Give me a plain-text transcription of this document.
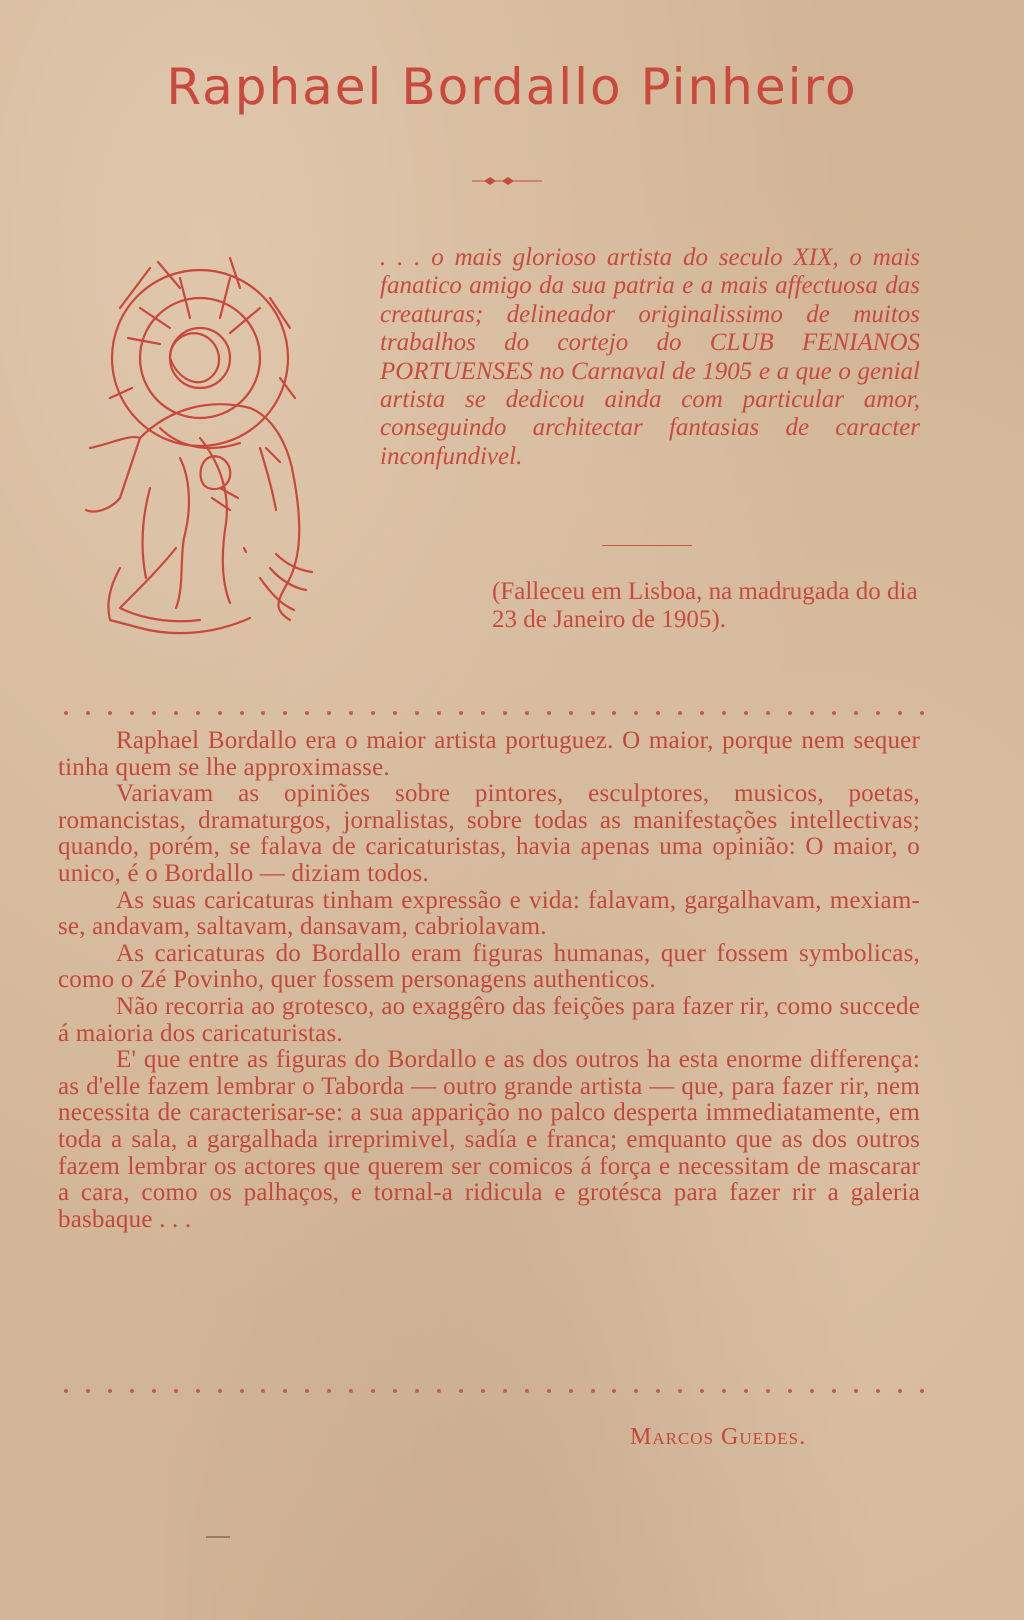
Raphael Bordallo Pinheiro

. . . o mais glorioso artista do seculo XIX, o mais fanatico amigo da sua patria e a mais affectuosa das creaturas; delineador originalissimo de muitos trabalhos do cortejo do CLUB FENIANOS PORTUENSES no Carnaval de 1905 e a que o genial artista se dedicou ainda com particular amor, conseguindo architectar fantasias de caracter inconfundivel.

(Falleceu em Lisboa, na madrugada do dia 23 de Janeiro de 1905).

Raphael Bordallo era o maior artista portuguez. O maior, porque nem sequer tinha quem se lhe approximasse.

Variavam as opiniões sobre pintores, esculptores, musicos, poetas, romancistas, dramaturgos, jornalistas, sobre todas as manifestações intellectivas; quando, porém, se falava de caricaturistas, havia apenas uma opinião: O maior, o unico, é o Bordallo — diziam todos.

As suas caricaturas tinham expressão e vida: falavam, gargalhavam, mexiam-se, andavam, saltavam, dansavam, cabriolavam.

As caricaturas do Bordallo eram figuras humanas, quer fossem symbolicas, como o Zé Povinho, quer fossem personagens authenticos.

Não recorria ao grotesco, ao exaggêro das feições para fazer rir, como succede á maioria dos caricaturistas.

E' que entre as figuras do Bordallo e as dos outros ha esta enorme differença: as d'elle fazem lembrar o Taborda — outro grande artista — que, para fazer rir, nem necessita de caracterisar-se: a sua apparição no palco desperta immediatamente, em toda a sala, a gargalhada irreprimivel, sadía e franca; emquanto que as dos outros fazem lembrar os actores que querem ser comicos á força e necessitam de mascarar a cara, como os palhaços, e tornal-a ridicula e grotésca para fazer rir a galeria basbaque . . .

Marcos Guedes.
